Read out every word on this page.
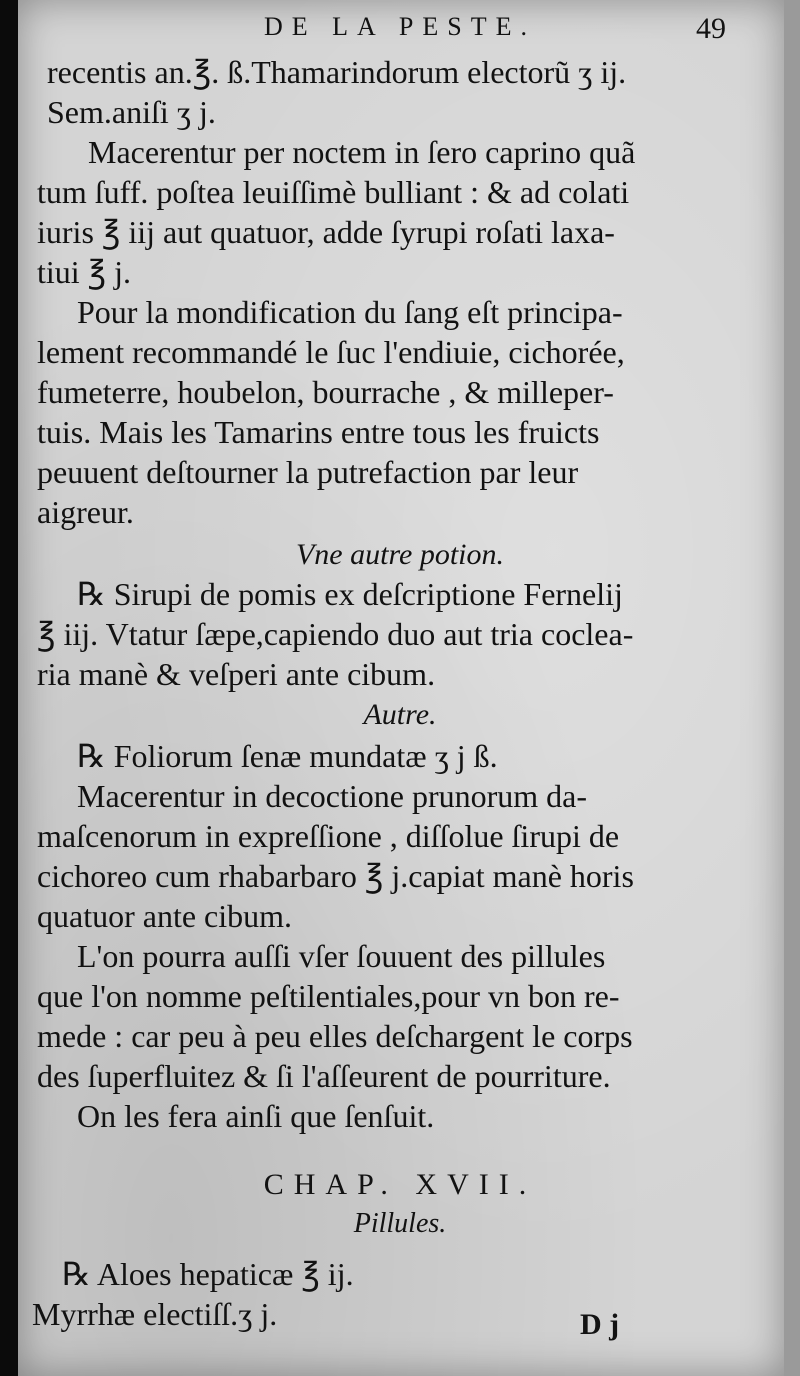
DE LA PESTE.	49
recentis an.℥. ß.Thamarindorum electorũ ʒ ij.
Sem.aniſi ʒ j.
Macerentur per noctem in ſero caprino quã
tum ſuff. poſtea leuiſſimè bulliant : & ad colati
iuris ℥ iij aut quatuor, adde ſyrupi roſati laxa-
tiui ℥ j.
Pour la mondification du ſang eſt principa-
lement recommandé le ſuc l'endiuie, cichorée,
fumeterre, houbelon, bourrache , & milleper-
tuis. Mais les Tamarins entre tous les fruicts
peuuent deſtourner la putrefaction par leur
aigreur.
Vne autre potion.
℞ Sirupi de pomis ex deſcriptione Fernelij
℥ iij. Vtatur ſæpe,capiendo duo aut tria coclea-
ria manè & veſperi ante cibum.
Autre.
℞ Foliorum ſenæ mundatæ ʒ j ß.
Macerentur in decoctione prunorum da-
maſcenorum in expreſſione , diſſolue ſirupi de
cichoreo cum rhabarbaro ℥ j.capiat manè horis
quatuor ante cibum.
L'on pourra auſſi vſer ſouuent des pillules
que l'on nomme peſtilentiales,pour vn bon re-
mede : car peu à peu elles deſchargent le corps
des ſuperfluitez & ſi l'aſſeurent de pourriture.
On les fera ainſi que ſenſuit.
CHAP. XVII.
Pillules.
℞ Aloes hepaticæ ℥ ij.
Myrrhæ electiſſ.ʒ j.	D j
